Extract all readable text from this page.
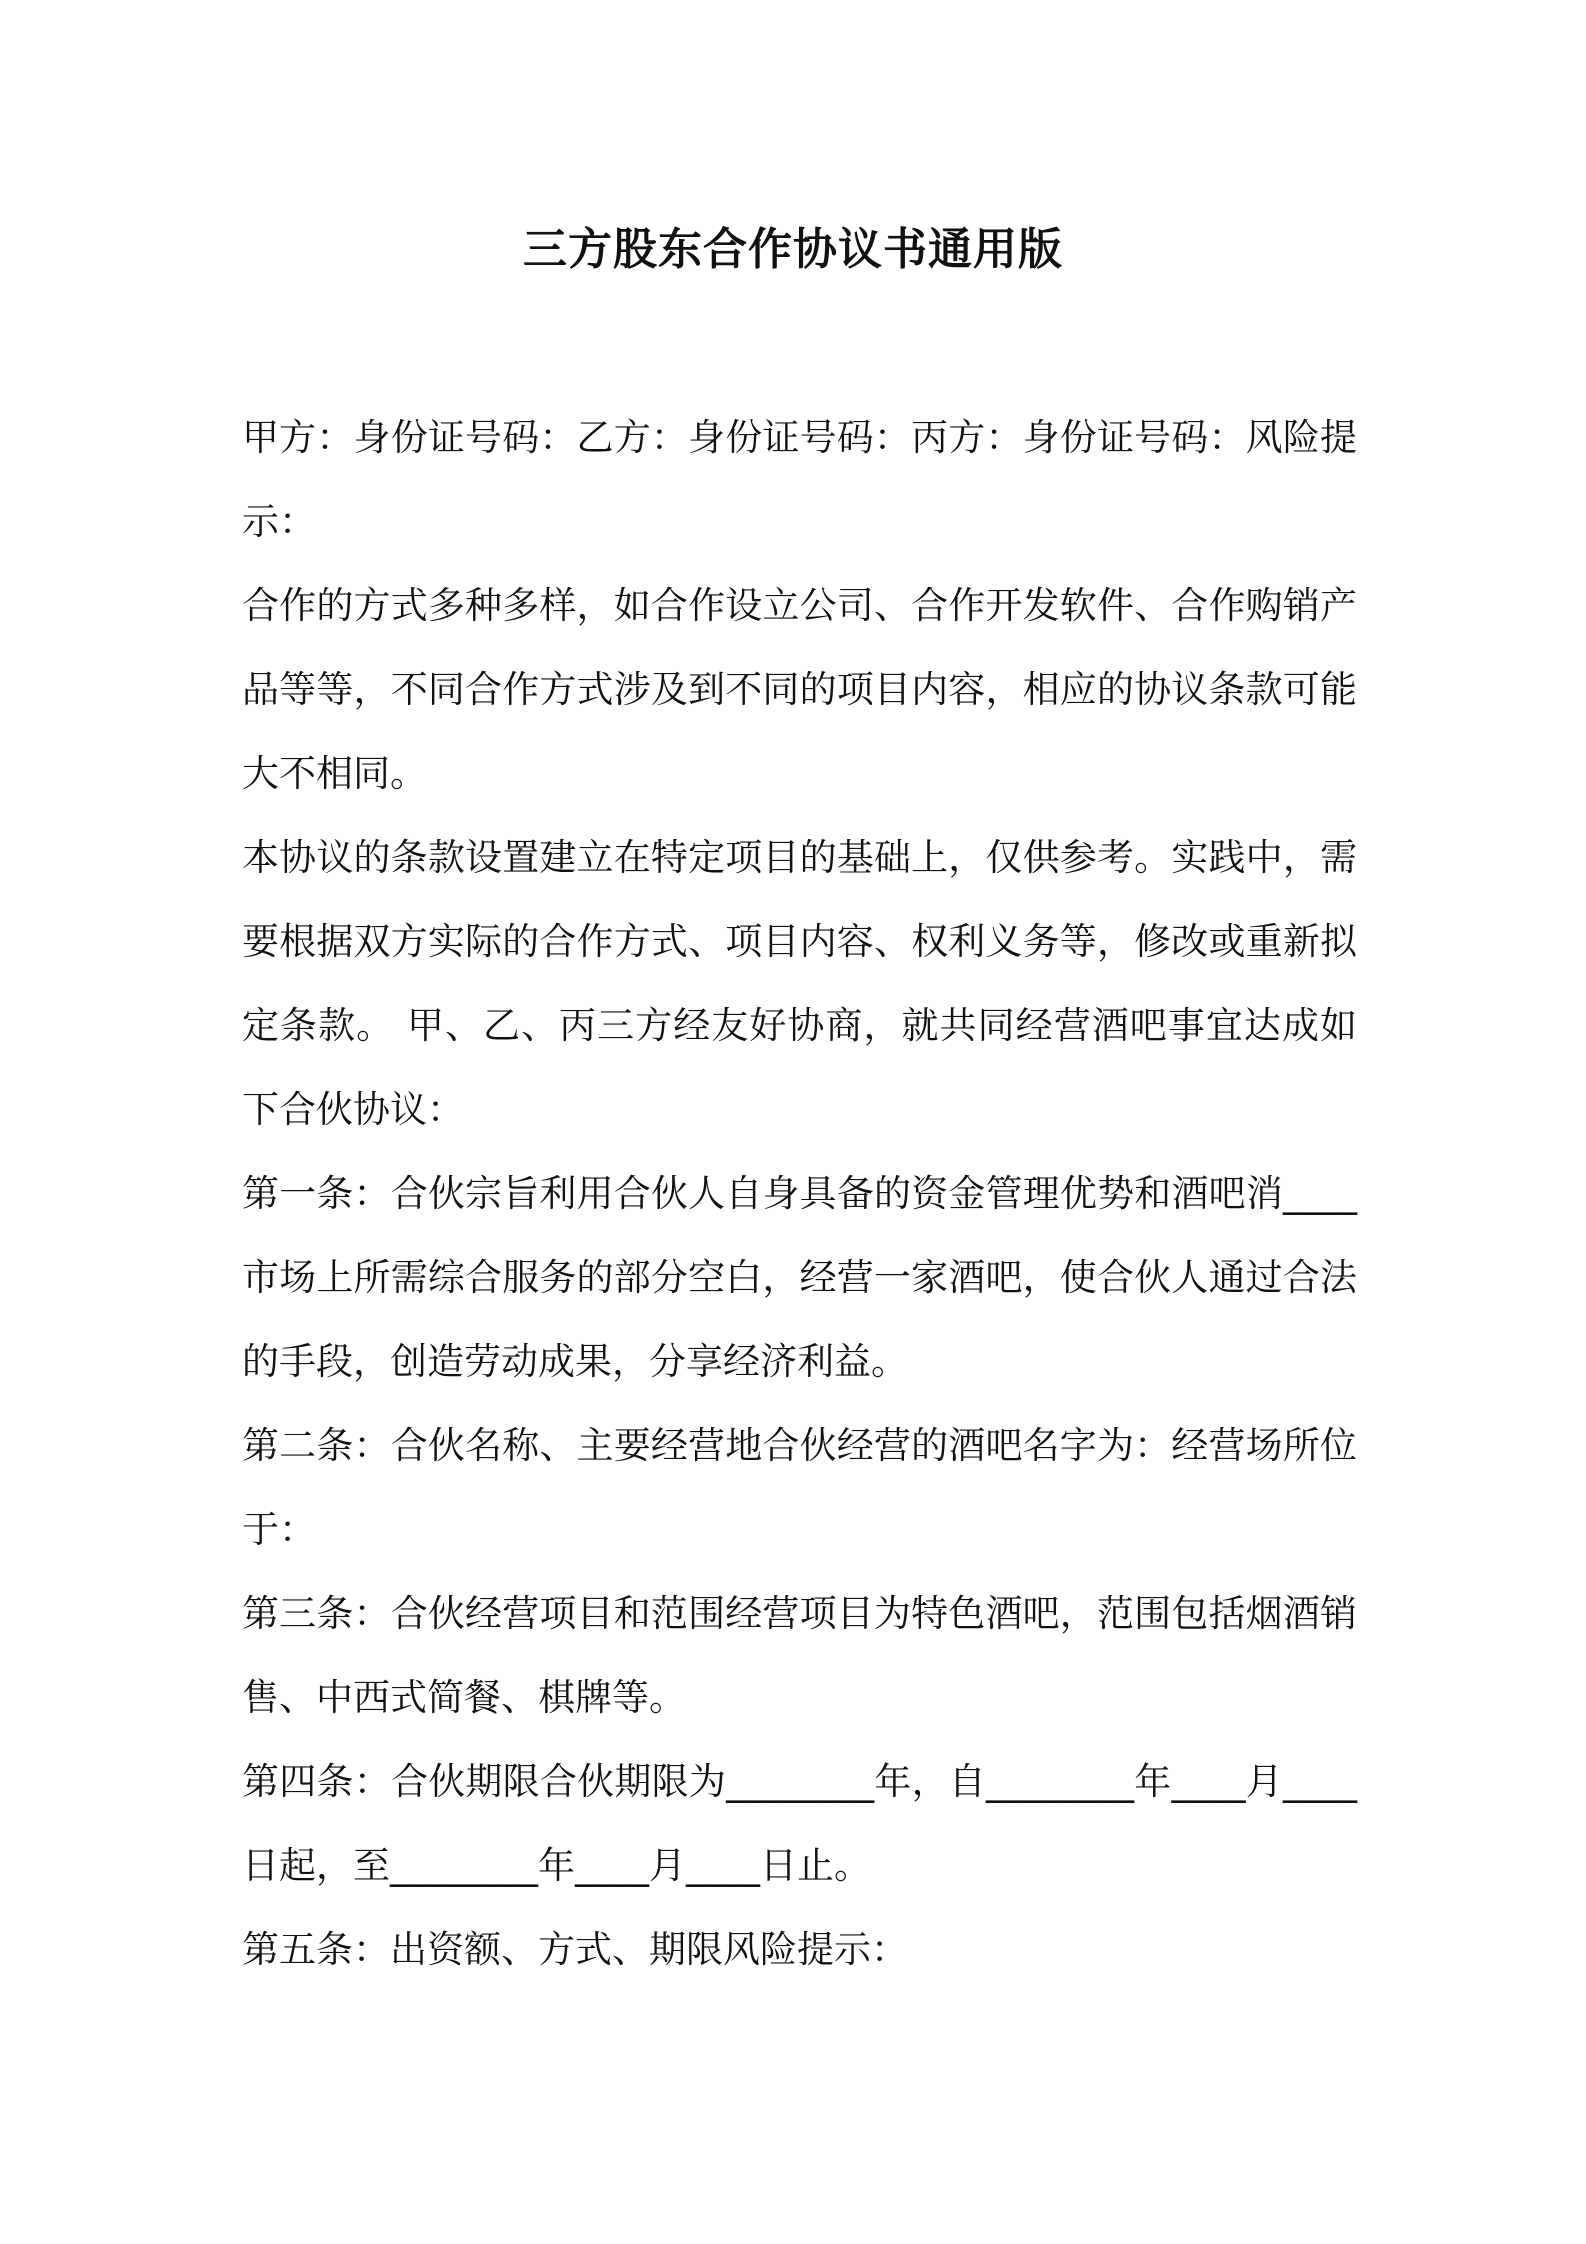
三方股东合作协议书通用版

甲方：身份证号码：乙方：身份证号码：丙方：身份证号码：风险提示：

合作的方式多种多样，如合作设立公司、合作开发软件、合作购销产品等等，不同合作方式涉及到不同的项目内容，相应的协议条款可能大不相同。

本协议的条款设置建立在特定项目的基础上，仅供参考。实践中，需要根据双方实际的合作方式、项目内容、权利义务等，修改或重新拟定条款。 甲、乙、丙三方经友好协商，就共同经营酒吧事宜达成如下合伙协议：

第一条：合伙宗旨利用合伙人自身具备的资金管理优势和酒吧消____市场上所需综合服务的部分空白，经营一家酒吧，使合伙人通过合法的手段，创造劳动成果，分享经济利益。

第二条：合伙名称、主要经营地合伙经营的酒吧名字为：经营场所位于：

第三条：合伙经营项目和范围经营项目为特色酒吧，范围包括烟酒销售、中西式简餐、棋牌等。

第四条：合伙期限合伙期限为________年，自________年____月____日起，至________年____月____日止。

第五条：出资额、方式、期限风险提示：
